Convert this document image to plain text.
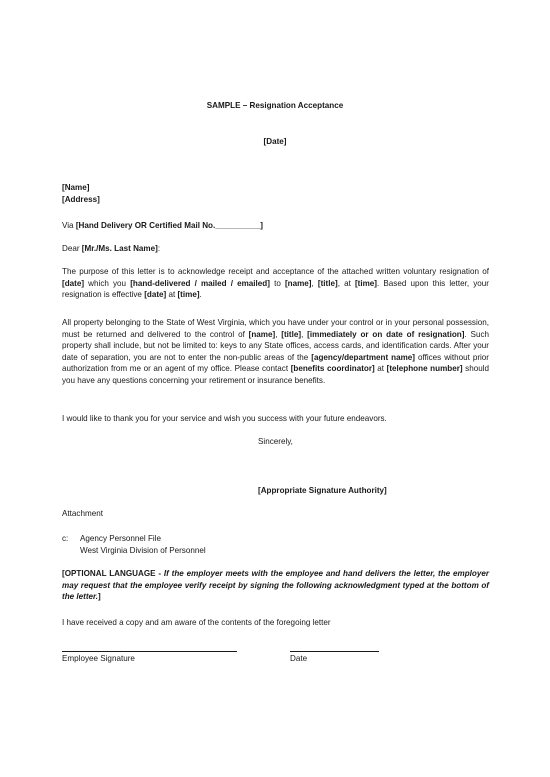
SAMPLE – Resignation Acceptance

[Date]

[Name]

[Address]

Via [Hand Delivery OR Certified Mail No.__________]

Dear [Mr./Ms. Last Name]:

The purpose of this letter is to acknowledge receipt and acceptance of the attached written voluntary resignation of [date] which you [hand-delivered / mailed / emailed] to [name], [title], at [time]. Based upon this letter, your resignation is effective [date] at [time].

All property belonging to the State of West Virginia, which you have under your control or in your personal possession, must be returned and delivered to the control of [name], [title], [immediately or on date of resignation]. Such property shall include, but not be limited to: keys to any State offices, access cards, and identification cards. After your date of separation, you are not to enter the non-public areas of the [agency/department name] offices without prior authorization from me or an agent of my office. Please contact [benefits coordinator] at [telephone number] should you have any questions concerning your retirement or insurance benefits.

I would like to thank you for your service and wish you success with your future endeavors.

Sincerely,

[Appropriate Signature Authority]

Attachment

c:	Agency Personnel File
West Virginia Division of Personnel

[OPTIONAL LANGUAGE - If the employer meets with the employee and hand delivers the letter, the employer may request that the employee verify receipt by signing the following acknowledgment typed at the bottom of the letter.]

I have received a copy and am aware of the contents of the foregoing letter

Employee Signature	Date
